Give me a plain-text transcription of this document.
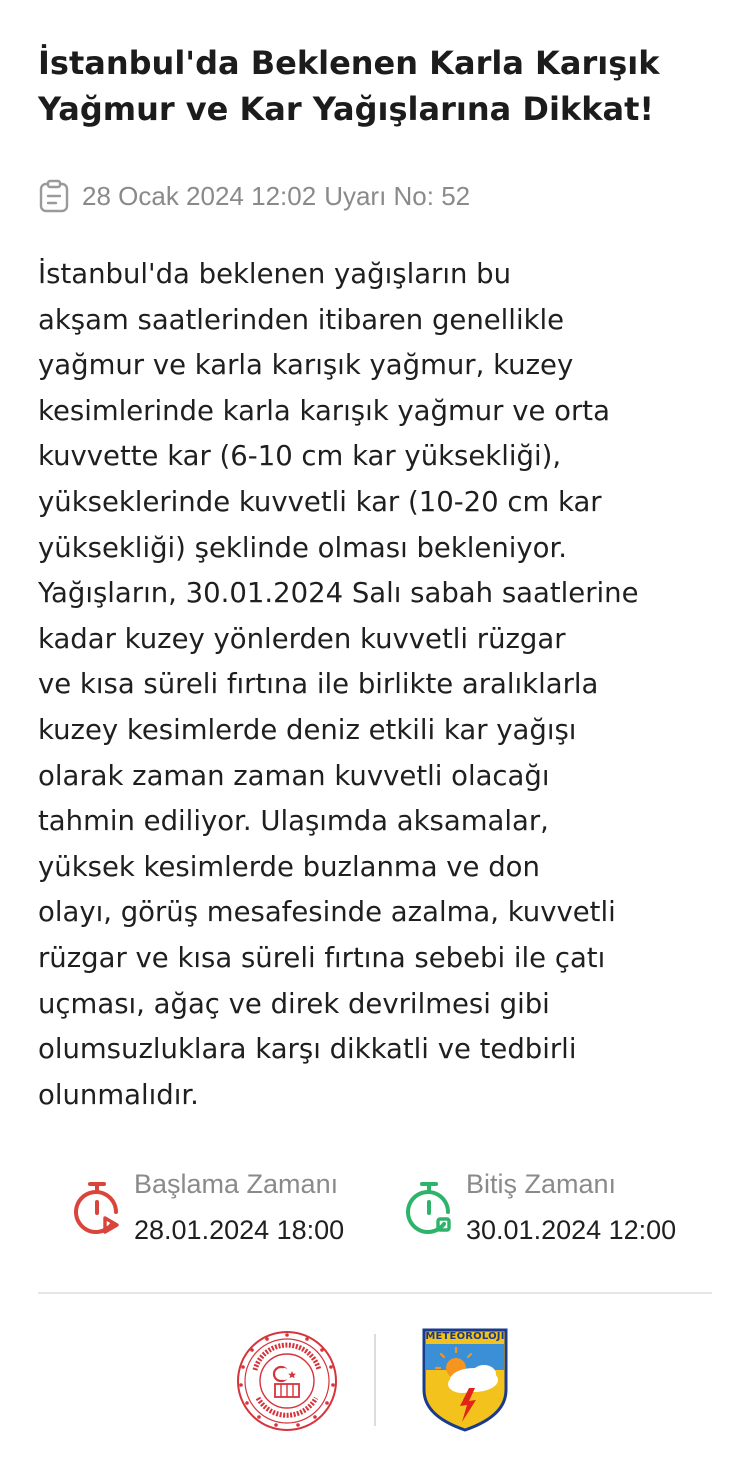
İstanbul'da Beklenen Karla Karışık Yağmur ve Kar Yağışlarına Dikkat!
28 Ocak 2024 12:02 Uyarı No: 52

İstanbul'da beklenen yağışların bu
akşam saatlerinden itibaren genellikle
yağmur ve karla karışık yağmur, kuzey
kesimlerinde karla karışık yağmur ve orta
kuvvette kar (6-10 cm kar yüksekliği),
yükseklerinde kuvvetli kar (10-20 cm kar
yüksekliği) şeklinde olması bekleniyor.
Yağışların, 30.01.2024 Salı sabah saatlerine
kadar kuzey yönlerden kuvvetli rüzgar
ve kısa süreli fırtına ile birlikte aralıklarla
kuzey kesimlerde deniz etkili kar yağışı
olarak zaman zaman kuvvetli olacağı
tahmin ediliyor. Ulaşımda aksamalar,
yüksek kesimlerde buzlanma ve don
olayı, görüş mesafesinde azalma, kuvvetli
rüzgar ve kısa süreli fırtına sebebi ile çatı
uçması, ağaç ve direk devrilmesi gibi
olumsuzluklara karşı dikkatli ve tedbirli
olunmalıdır.

Başlama Zamanı
28.01.2024 18:00
Bitiş Zamanı
30.01.2024 12:00
METEOROLOJİ
